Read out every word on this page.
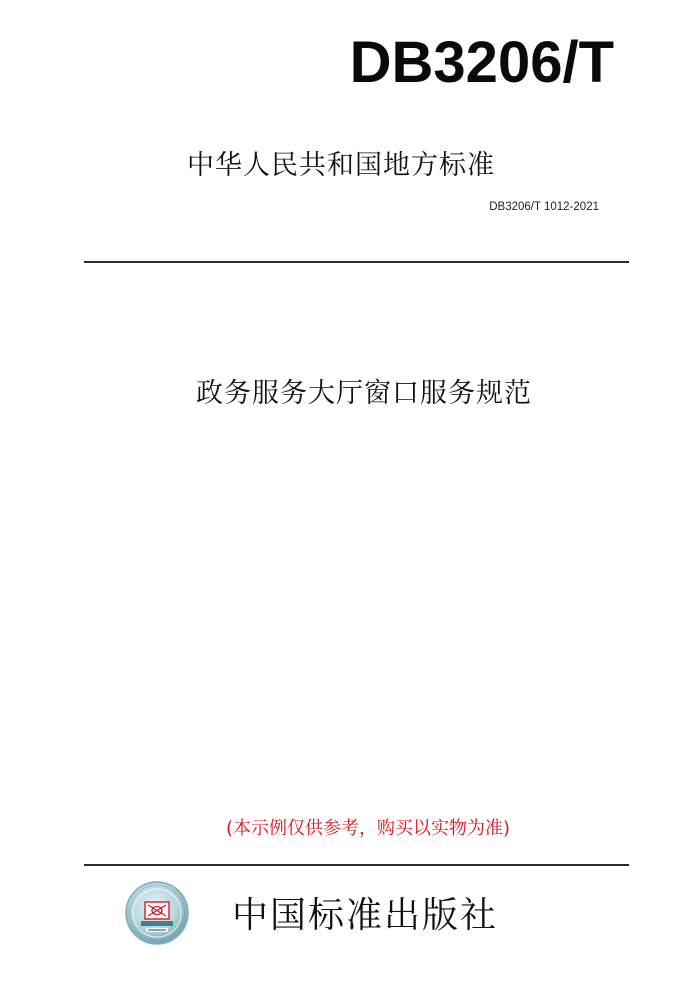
DB3206/T
中华人民共和国地方标准
DB3206/T 1012-2021
政务服务大厅窗口服务规范
(本示例仅供参考，购买以实物为准)
中国标准出版社
